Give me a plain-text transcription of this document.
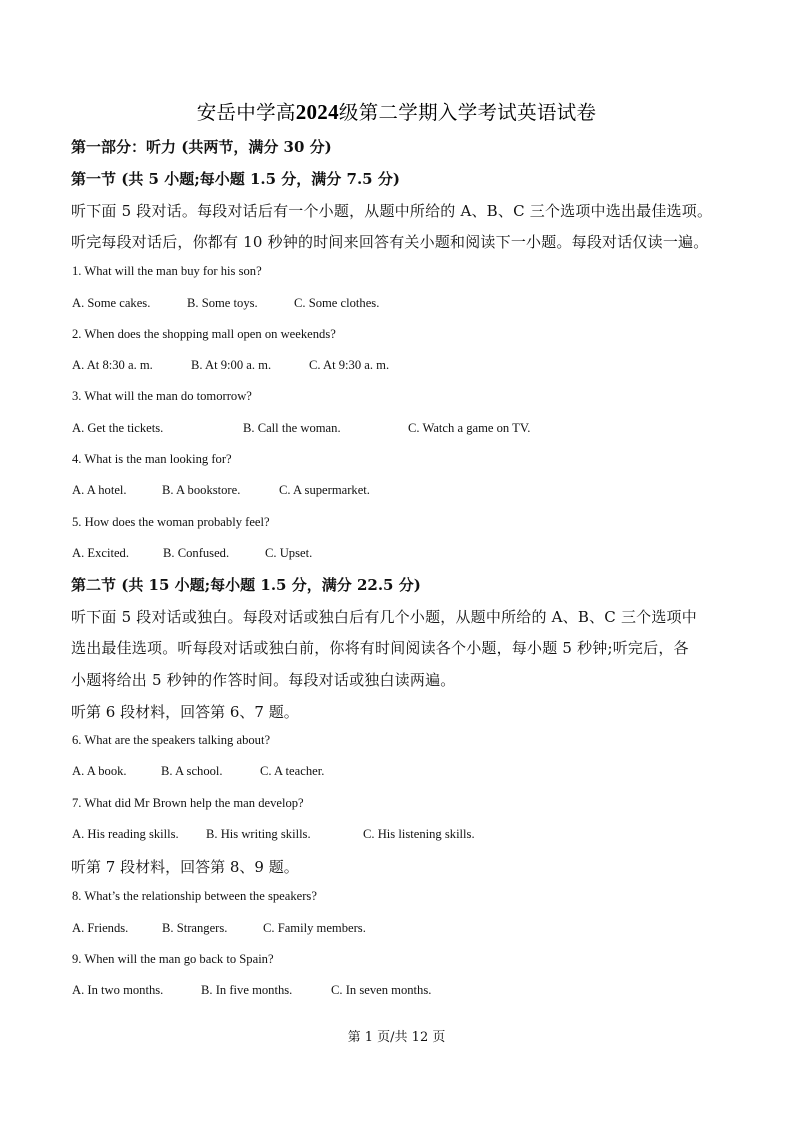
安岳中学高2024级第二学期入学考试英语试卷
第一部分：听力 (共两节，满分 30 分)
第一节 (共 5 小题;每小题 1.5 分，满分 7.5 分)
听下面 5 段对话。每段对话后有一个小题，从题中所给的 A、B、C 三个选项中选出最佳选项。
听完每段对话后，你都有 10 秒钟的时间来回答有关小题和阅读下一小题。每段对话仅读一遍。
1. What will the man buy for his son?
A. Some cakes.	B. Some toys.	C. Some clothes.
2. When does the shopping mall open on weekends?
A. At 8:30 a. m.	B. At 9:00 a. m.	C. At 9:30 a. m.
3. What will the man do tomorrow?
A. Get the tickets.	B. Call the woman.	C. Watch a game on TV.
4. What is the man looking for?
A. A hotel.	B. A bookstore.	C. A supermarket.
5. How does the woman probably feel?
A. Excited.	B. Confused.	C. Upset.
第二节 (共 15 小题;每小题 1.5 分，满分 22.5 分)
听下面 5 段对话或独白。每段对话或独白后有几个小题，从题中所给的 A、B、C 三个选项中
选出最佳选项。听每段对话或独白前，你将有时间阅读各个小题，每小题 5 秒钟;听完后，各
小题将给出 5 秒钟的作答时间。每段对话或独白读两遍。
听第 6 段材料，回答第 6、7 题。
6. What are the speakers talking about?
A. A book.	B. A school.	C. A teacher.
7. What did Mr Brown help the man develop?
A. His reading skills. B. His writing skills.	C. His listening skills.
听第 7 段材料，回答第 8、9 题。
8. What’s the relationship between the speakers?
A. Friends.	B. Strangers.	C. Family members.
9. When will the man go back to Spain?
A. In two months.	B. In five months.	C. In seven months.
第 1 页/共 12 页
